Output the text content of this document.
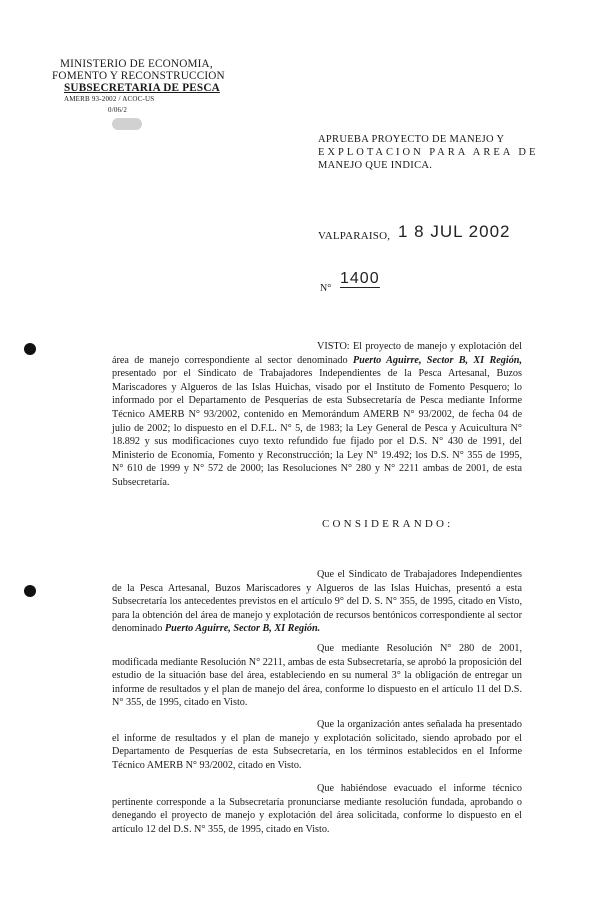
MINISTERIO DE ECONOMIA,
FOMENTO Y RECONSTRUCCION
SUBSECRETARIA DE PESCA
AMERB 93-2002 / ACOC-US
0/06/2
APRUEBA PROYECTO DE MANEJO Y
EXPLOTACION PARA AREA DE
MANEJO QUE INDICA.
VALPARAISO, 1 8 JUL 2002
N°
1400
VISTO: El proyecto de manejo y explotación del área de manejo correspondiente al sector denominado Puerto Aguirre, Sector B, XI Región, presentado por el Sindicato de Trabajadores Independientes de la Pesca Artesanal, Buzos Mariscadores y Algueros de las Islas Huichas, visado por el Instituto de Fomento Pesquero; lo informado por el Departamento de Pesquerías de esta Subsecretaría de Pesca mediante Informe Técnico AMERB N° 93/2002, contenido en Memorándum AMERB N° 93/2002, de fecha 04 de julio de 2002; lo dispuesto en el D.F.L. N° 5, de 1983; la Ley General de Pesca y Acuicultura N° 18.892 y sus modificaciones cuyo texto refundido fue fijado por el D.S. N° 430 de 1991, del Ministerio de Economía, Fomento y Reconstrucción; la Ley N° 19.492; los D.S. N° 355 de 1995, N° 610 de 1999 y N° 572 de 2000; las Resoluciones N° 280 y N° 2211 ambas de 2001, de esta Subsecretaría.
CONSIDERANDO:
Que el Sindicato de Trabajadores Independientes de la Pesca Artesanal, Buzos Mariscadores y Algueros de las Islas Huichas, presentó a esta Subsecretaría los antecedentes previstos en el artículo 9° del D. S. N° 355, de 1995, citado en Visto, para la obtención del área de manejo y explotación de recursos bentónicos correspondiente al sector denominado Puerto Aguirre, Sector B, XI Región.
Que mediante Resolución N° 280 de 2001, modificada mediante Resolución N° 2211, ambas de esta Subsecretaría, se aprobó la proposición del estudio de la situación base del área, estableciendo en su numeral 3° la obligación de entregar un informe de resultados y el plan de manejo del área, conforme lo dispuesto en el artículo 11 del D.S. N° 355, de 1995, citado en Visto.
Que la organización antes señalada ha presentado el informe de resultados y el plan de manejo y explotación solicitado, siendo aprobado por el Departamento de Pesquerías de esta Subsecretaría, en los términos establecidos en el Informe Técnico AMERB N° 93/2002, citado en Visto.
Que habiéndose evacuado el informe técnico pertinente corresponde a la Subsecretaría pronunciarse mediante resolución fundada, aprobando o denegando el proyecto de manejo y explotación del área solicitada, conforme lo dispuesto en el artículo 12 del D.S. N° 355, de 1995, citado en Visto.
